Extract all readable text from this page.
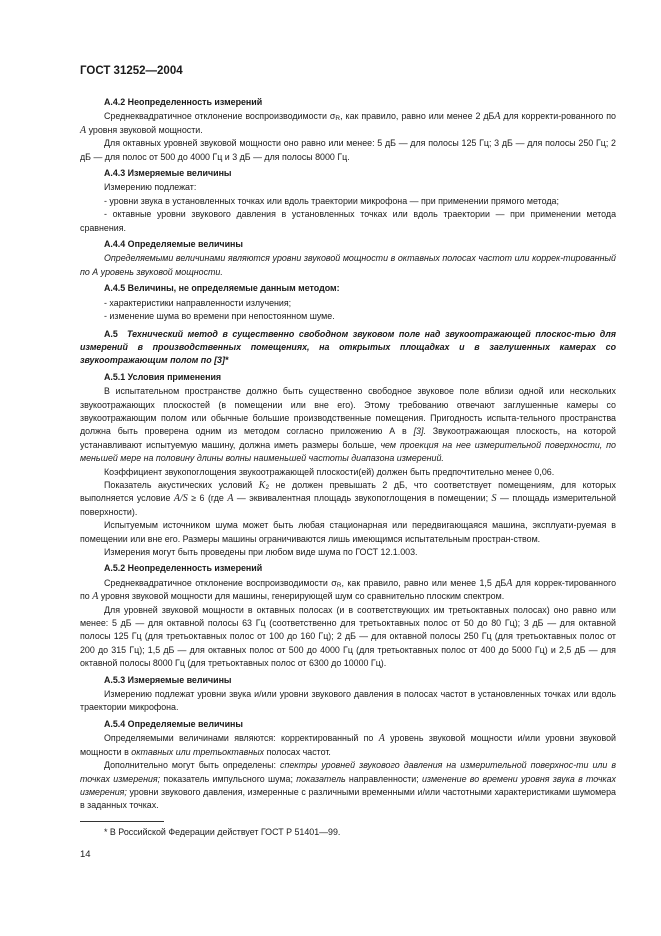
ГОСТ 31252—2004
А.4.2 Неопределенность измерений

Среднеквадратичное отклонение воспроизводимости $\sigma_R$, как правило, равно или менее 2 дБА для корректи-рованного по А уровня звуковой мощности.

Для октавных уровней звуковой мощности оно равно или менее: 5 дБ — для полосы 125 Гц; 3 дБ — для полосы 250 Гц; 2 дБ — для полос от 500 до 4000 Гц и 3 дБ — для полосы 8000 Гц.

А.4.3 Измеряемые величины

Измерению подлежат:

- уровни звука в установленных точках или вдоль траектории микрофона — при применении прямого метода;
- октавные уровни звукового давления в установленных точках или вдоль траектории — при применении метода сравнения.
А.4.4 Определяемые величины

Определяемыми величинами являются уровни звуковой мощности в октавных полосах частот или коррек-тированный по А уровень звуковой мощности.

А.4.5 Величины, не определяемые данным методом:
- характеристики направленности излучения;
- изменение шума во времени при непостоянном шуме.
А.5 Технический метод в существенно свободном звуковом поле над звукоотражающей плоскос-тью для измерений в производственных помещениях, на открытых площадках и в заглушенных камерах со звукоотражающим полом по [3]*
А.5.1 Условия применения

В испытательном пространстве должно быть существенно свободное звуковое поле вблизи одной или нескольких звукоотражающих плоскостей (в помещении или вне его). Этому требованию отвечают заглушенные камеры со звукоотражающим полом или обычные большие производственные помещения. Пригодность испыта-тельного пространства должна быть проверена одним из методом согласно приложению А в [3]. Звукоотражающая плоскость, на которой устанавливают испытуемую машину, должна иметь размеры больше, чем проекция на нее измерительной поверхности, по меньшей мере на половину длины волны наименьшей частоты диапазона измерений.

Коэффициент звукопоглощения звукоотражающей плоскости(ей) должен быть предпочтительно менее 0,06.

Показатель акустических условий $K_2$ не должен превышать 2 дБ, что соответствует помещениям, для которых выполняется условие A/S ≥ 6 (где A — эквивалентная площадь звукопоглощения в помещении; S — площадь измерительной поверхности).

Испытуемым источником шума может быть любая стационарная или передвигающаяся машина, эксплуати-руемая в помещении или вне его. Размеры машины ограничиваются лишь имеющимся испытательным простран-ством.

Измерения могут быть проведены при любом виде шума по ГОСТ 12.1.003.

А.5.2 Неопределенность измерений

Среднеквадратичное отклонение воспроизводимости $\sigma_R$, как правило, равно или менее 1,5 дБА для коррек-тированного по А уровня звуковой мощности для машины, генерирующей шум со сравнительно плоским спектром.

Для уровней звуковой мощности в октавных полосах (и в соответствующих им третьоктавных полосах) оно равно или менее: 5 дБ — для октавной полосы 63 Гц (соответственно для третьоктавных полос от 50 до 80 Гц); 3 дБ — для октавной полосы 125 Гц (для третьоктавных полос от 100 до 160 Гц); 2 дБ — для октавной полосы 250 Гц (для третьоктавных полос от 200 до 315 Гц); 1,5 дБ — для октавных полос от 500 до 4000 Гц (для третьоктавных полос от 400 до 5000 Гц) и 2,5 дБ — для октавной полосы 8000 Гц (для третьоктавных полос от 6300 до 10000 Гц).

А.5.3 Измеряемые величины

Измерению подлежат уровни звука и/или уровни звукового давления в полосах частот в установленных точках или вдоль траектории микрофона.

А.5.4 Определяемые величины

Определяемыми величинами являются: корректированный по А уровень звуковой мощности и/или уровни звуковой мощности в октавных или третьоктавных полосах частот.

Дополнительно могут быть определены: спектры уровней звукового давления на измерительной поверхнос-ти или в точках измерения; показатель импульсного шума; показатель направленности; изменение во времени уровня звука в точках измерения; уровни звукового давления, измеренные с различными временными и/или частотными характеристиками шумомера в заданных точках.

* В Российской Федерации действует ГОСТ Р 51401—99.
14
